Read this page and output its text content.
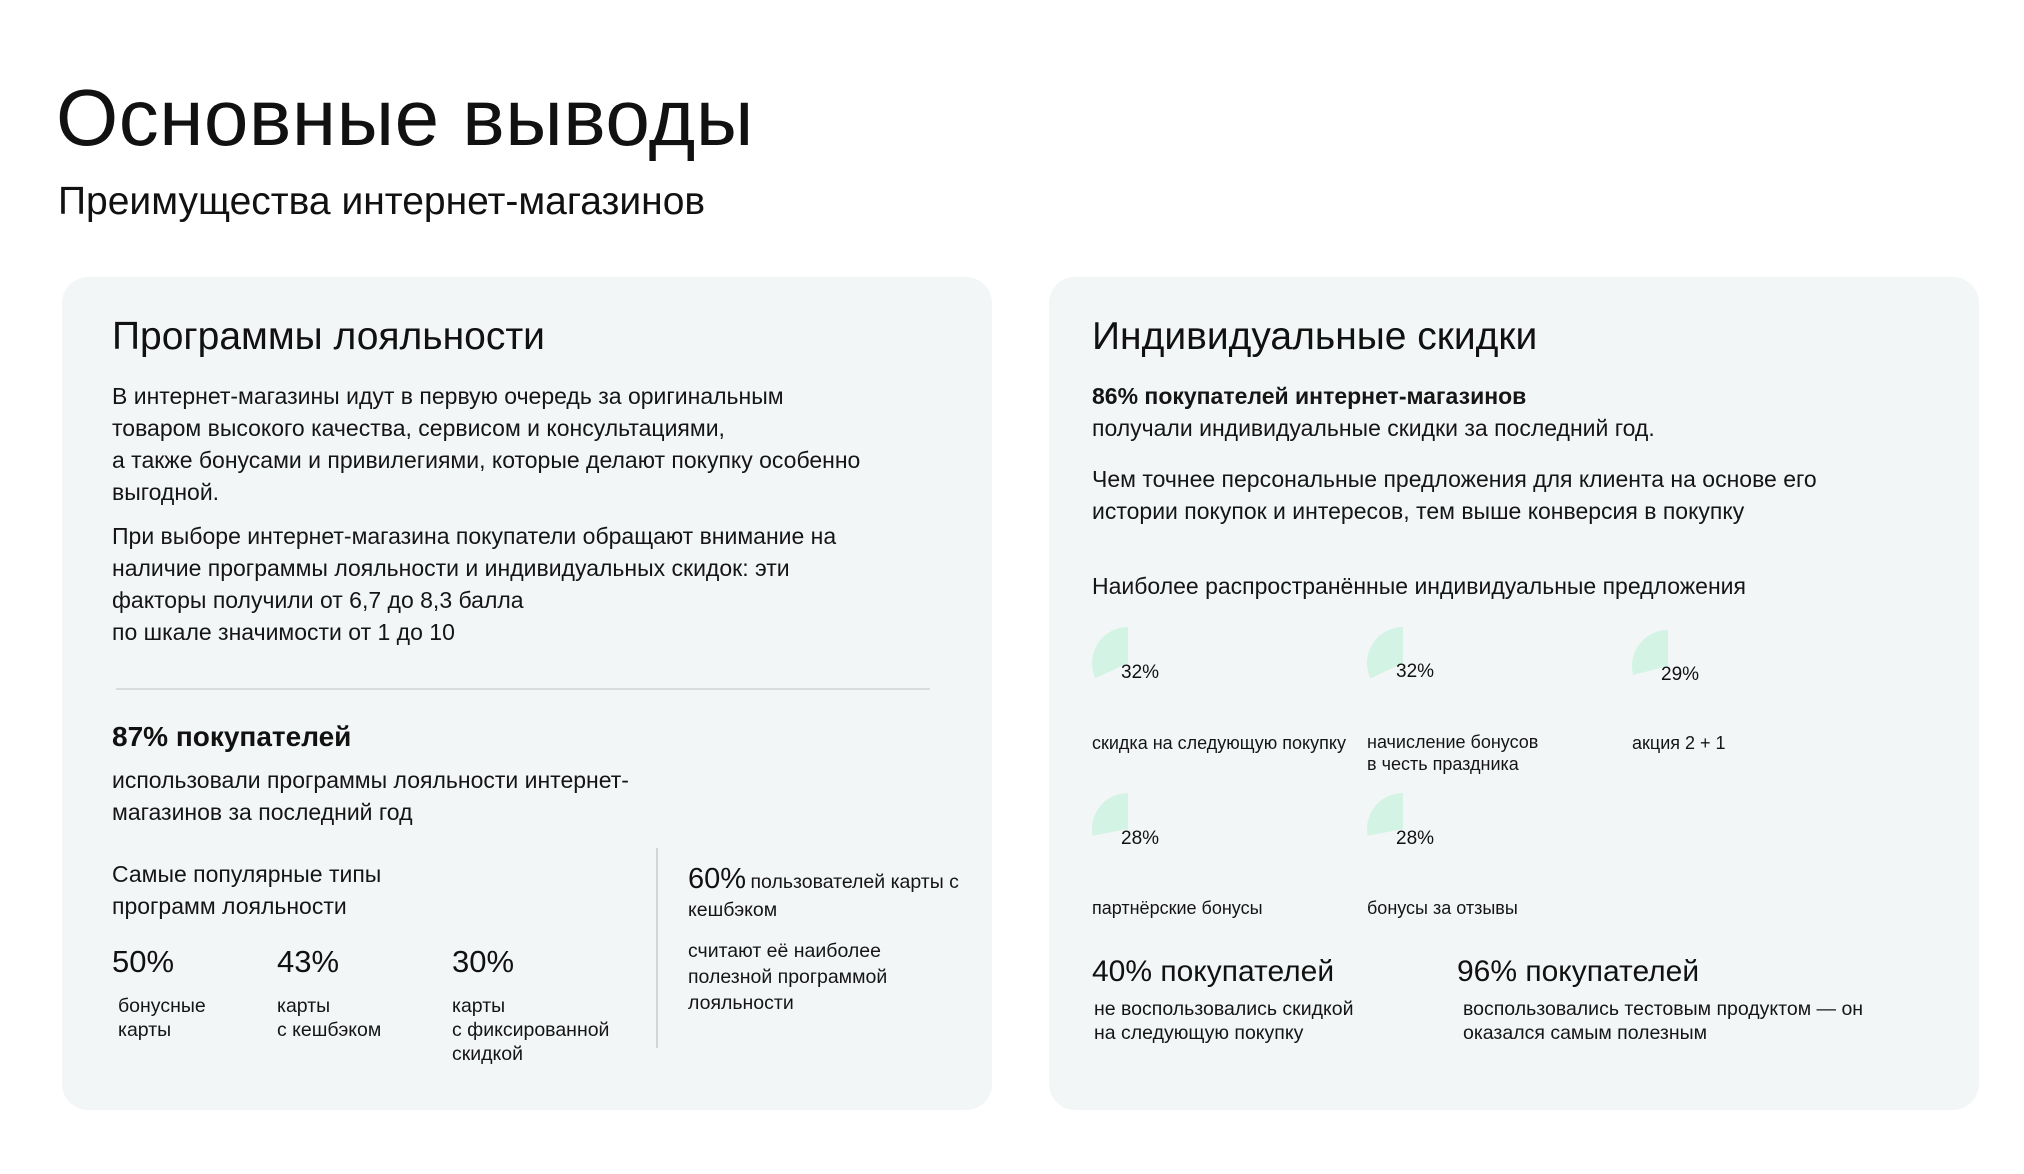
Основные выводы
Преимущества интернет-магазинов
Программы лояльности
В интернет-магазины идут в первую очередь за оригинальным
товаром высокого качества, сервисом и консультациями,
а также бонусами и привилегиями, которые делают покупку особенно
выгодной.
При выборе интернет-магазина покупатели обращают внимание на
наличие программы лояльности и индивидуальных скидок: эти
факторы получили от 6,7 до 8,3 балла
по шкале значимости от 1 до 10
87% покупателей
использовали программы лояльности интернет-
магазинов за последний год
Самые популярные типы
программ лояльности
50%
бонусные
карты
43%
карты
с кешбэком
30%
карты
с фиксированной
скидкой
60% пользователей карты с
кешбэком
считают её наиболее
полезной программой
лояльности
Индивидуальные скидки
86% покупателей интернет-магазинов
получали индивидуальные скидки за последний год.
Чем точнее персональные предложения для клиента на основе его
истории покупок и интересов, тем выше конверсия в покупку
Наиболее распространённые индивидуальные предложения
32%
скидка на следующую покупку
32%
начисление бонусов
в честь праздника
29%
акция 2 + 1
28%
партнёрские бонусы
28%
бонусы за отзывы
40% покупателей
не воспользовались скидкой
на следующую покупку
96% покупателей
воспользовались тестовым продуктом — он
оказался самым полезным
